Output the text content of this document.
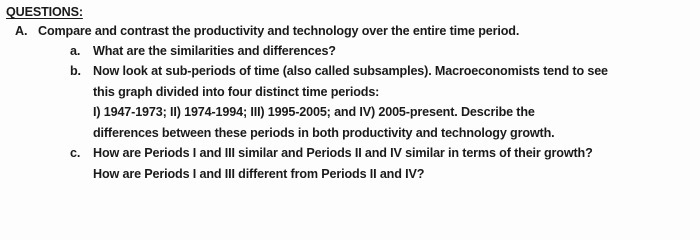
QUESTIONS:
A. Compare and contrast the productivity and technology over the entire time period.
a. What are the similarities and differences?
b. Now look at sub-periods of time (also called subsamples). Macroeconomists tend to see
this graph divided into four distinct time periods:
I) 1947-1973; II) 1974-1994; III) 1995-2005; and IV) 2005-present. Describe the
differences between these periods in both productivity and technology growth.
c. How are Periods I and III similar and Periods II and IV similar in terms of their growth?
How are Periods I and III different from Periods II and IV?
